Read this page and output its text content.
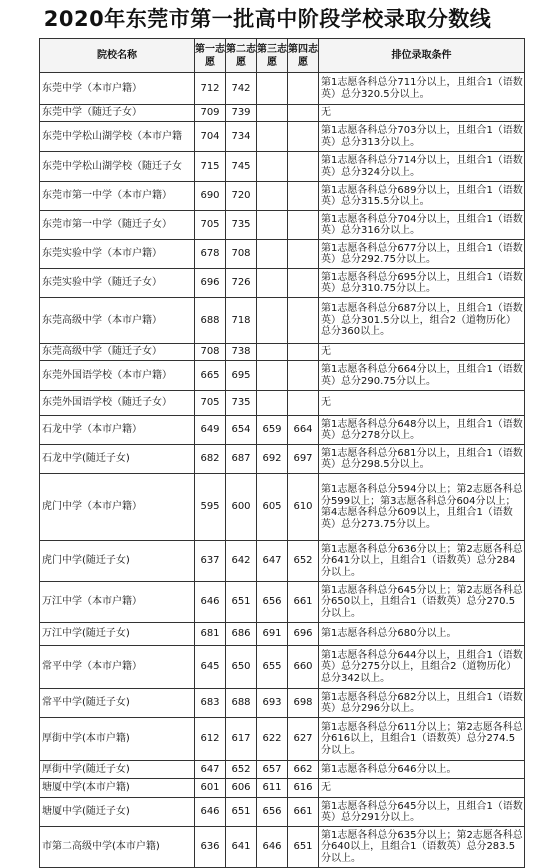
2020年东莞市第一批高中阶段学校录取分数线
院校名称	第一志愿	第二志愿	第三志愿	第四志愿	排位录取条件
东莞中学（本市户籍）	712	742			第1志愿各科总分711分以上，且组合1（语数英）总分320.5分以上。
东莞中学（随迁子女）	709	739			无
东莞中学松山湖学校（本市户籍	704	734			第1志愿各科总分703分以上，且组合1（语数英）总分313分以上。
东莞中学松山湖学校（随迁子女	715	745			第1志愿各科总分714分以上，且组合1（语数英）总分324分以上。
东莞市第一中学（本市户籍）	690	720			第1志愿各科总分689分以上，且组合1（语数英）总分315.5分以上。
东莞市第一中学（随迁子女）	705	735			第1志愿各科总分704分以上，且组合1（语数英）总分316分以上。
东莞实验中学（本市户籍）	678	708			第1志愿各科总分677分以上，且组合1（语数英）总分292.75分以上。
东莞实验中学（随迁子女）	696	726			第1志愿各科总分695分以上，且组合1（语数英）总分310.75分以上。
东莞高级中学（本市户籍）	688	718			第1志愿各科总分687分以上，且组合1（语数英）总分301.5分以上，组合2（道物历化）总分360以上。
东莞高级中学（随迁子女）	708	738			无
东莞外国语学校（本市户籍）	665	695			第1志愿各科总分664分以上，且组合1（语数英）总分290.75分以上。
东莞外国语学校（随迁子女）	705	735			无
石龙中学（本市户籍）	649	654	659	664	第1志愿各科总分648分以上，且组合1（语数英）总分278分以上。
石龙中学(随迁子女)	682	687	692	697	第1志愿各科总分681分以上，且组合1（语数英）总分298.5分以上。
虎门中学（本市户籍）	595	600	605	610	第1志愿各科总分594分以上；第2志愿各科总分599以上；第3志愿各科总分604分以上；第4志愿各科总分609以上，且组合1（语数英）总分273.75分以上。
虎门中学(随迁子女)	637	642	647	652	第1志愿各科总分636分以上；第2志愿各科总分641分以上，且组合1（语数英）总分284分以上。
万江中学（本市户籍）	646	651	656	661	第1志愿各科总分645分以上；第2志愿各科总分650以上，且组合1（语数英）总分270.5分以上。
万江中学(随迁子女)	681	686	691	696	第1志愿各科总分680分以上。
常平中学（本市户籍）	645	650	655	660	第1志愿各科总分644分以上，且组合1（语数英）总分275分以上，且组合2（道物历化）总分342以上。
常平中学(随迁子女)	683	688	693	698	第1志愿各科总分682分以上，且组合1（语数英）总分296分以上。
厚街中学(本市户籍)	612	617	622	627	第1志愿各科总分611分以上；第2志愿各科总分616以上，且组合1（语数英）总分274.5分以上。
厚街中学(随迁子女)	647	652	657	662	第1志愿各科总分646分以上。
塘厦中学(本市户籍)	601	606	611	616	无
塘厦中学(随迁子女)	646	651	656	661	第1志愿各科总分645分以上，且组合1（语数英）总分291分以上。
市第二高级中学(本市户籍)	636	641	646	651	第1志愿各科总分635分以上；第2志愿各科总分640以上，且组合1（语数英）总分283.5分以上。
